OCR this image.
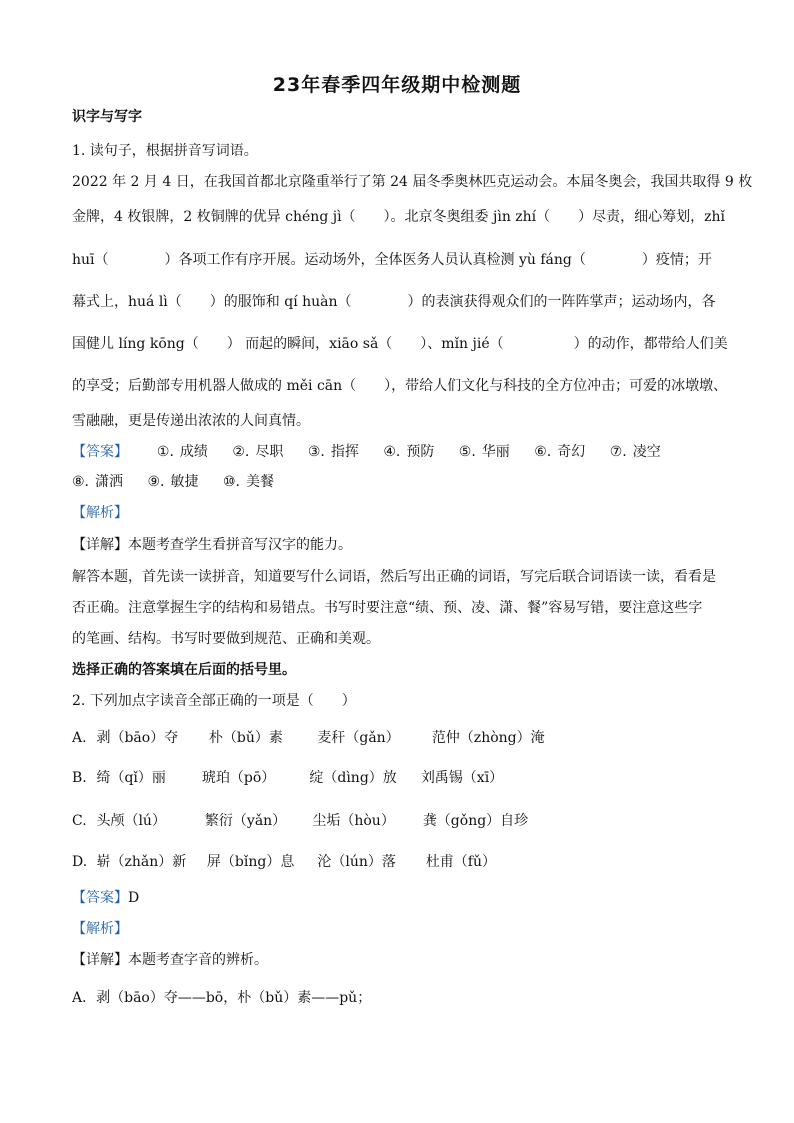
23年春季四年级期中检测题
识字与写字
1. 读句子，根据拼音写词语。
2022 年 2 月 4 日，在我国首都北京隆重举行了第 24 届冬季奥林匹克运动会。本届冬奥会，我国共取得 9 枚
金牌，4 枚银牌，2 枚铜牌的优异 chéng jì（　　）。北京冬奥组委 jìn zhí（　　）尽责，细心筹划，zhǐ
huī（　　　　）各项工作有序开展。运动场外，全体医务人员认真检测 yù fáng（　　　　）疫情；开
幕式上，huá lì（　　）的服饰和 qí huàn（　　　　）的表演获得观众们的一阵阵掌声；运动场内，各
国健儿 líng kōng（　　） 而起的瞬间，xiāo sǎ（　　）、mǐn jié（　　　　　）的动作，都带给人们美
的享受；后勤部专用机器人做成的 měi cān（　　），带给人们文化与科技的全方位冲击；可爱的冰墩墩、
雪融融，更是传递出浓浓的人间真情。
【答案】 ①. 成绩 ②. 尽职 ③. 指挥 ④. 预防 ⑤. 华丽 ⑥. 奇幻 ⑦. 凌空
⑧. 潇洒 ⑨. 敏捷 ⑩. 美餐
【解析】
【详解】本题考查学生看拼音写汉字的能力。
解答本题，首先读一读拼音，知道要写什么词语，然后写出正确的词语，写完后联合词语读一读，看看是
否正确。注意掌握生字的结构和易错点。书写时要注意“绩、预、凌、潇、餐”容易写错，要注意这些字
的笔画、结构。书写时要做到规范、正确和美观。
选择正确的答案填在后面的括号里。
2. 下列加点字读音全部正确的一项是（　　）
A. 剥（bāo）夺 朴（bǔ）素 麦秆（gǎn） 范仲（zhòng）淹
B. 绮（qǐ）丽	琥珀（pō） 绽（dìng）放 刘禹锡（xī）
C. 头颅（lú）	繁衍（yǎn） 尘垢（hòu） 龚（gǒng）自珍
D. 崭（zhǎn）新 屏（bǐng）息 沦（lún）落 杜甫（fǔ）
【答案】D
【解析】
【详解】本题考查字音的辨析。
A．剥（bāo）夺——bō，朴（bǔ）素——pǔ；
